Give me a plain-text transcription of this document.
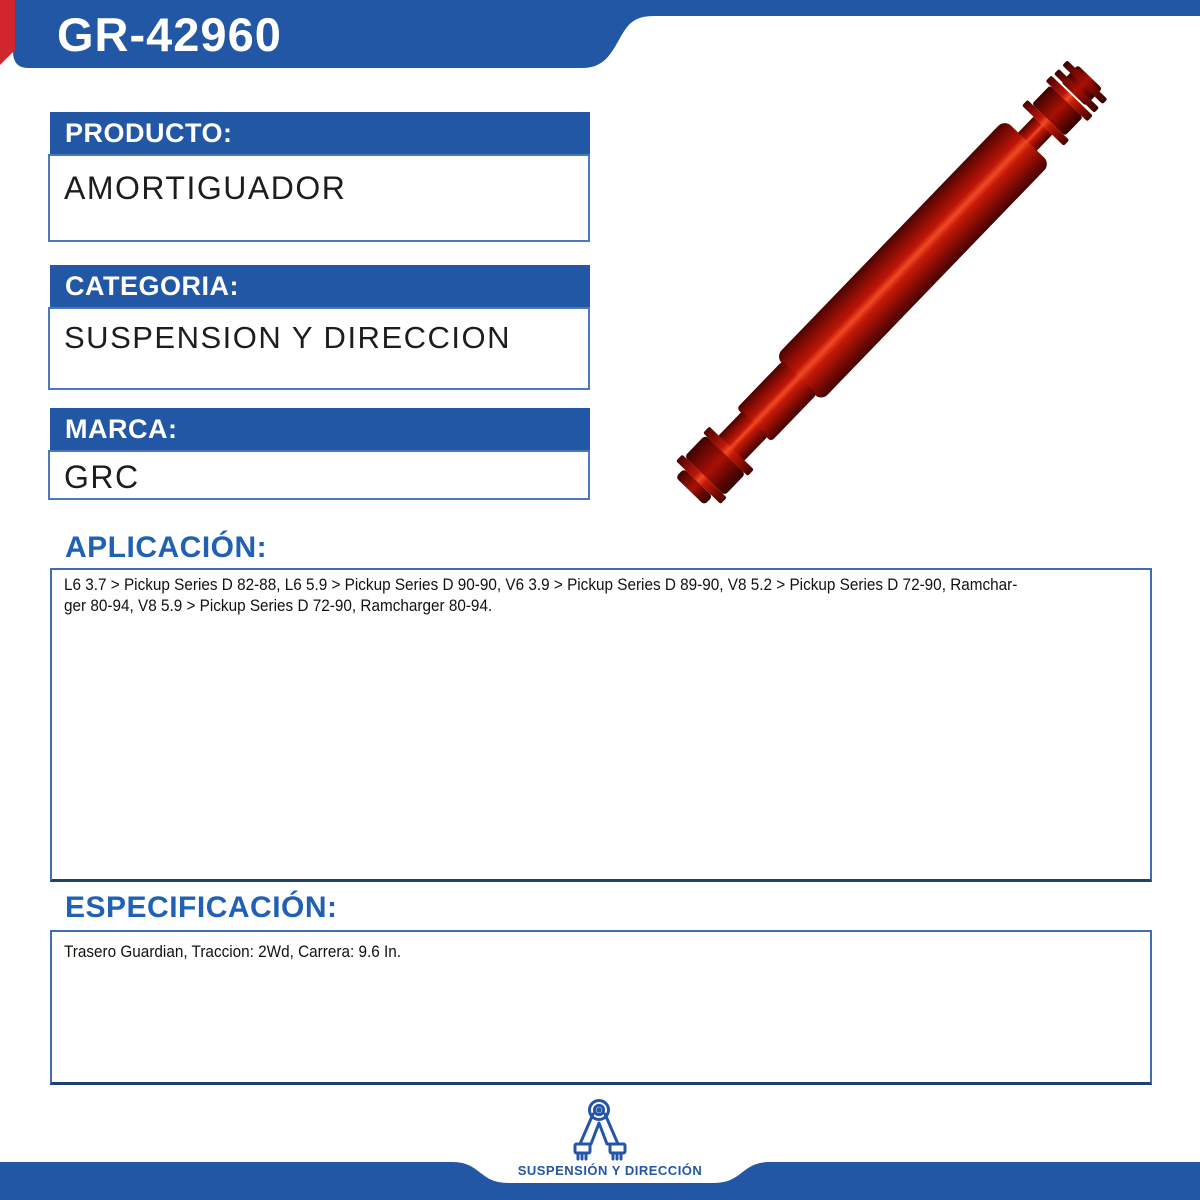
GR-42960
PRODUCTO:
AMORTIGUADOR
CATEGORIA:
SUSPENSION Y DIRECCION
MARCA:
GRC
APLICACIÓN:
L6 3.7 > Pickup Series D 82-88, L6 5.9 > Pickup Series D 90-90, V6 3.9 > Pickup Series D 89-90, V8 5.2 > Pickup Series D 72-90, Ramchar-
ger 80-94, V8 5.9 > Pickup Series D 72-90, Ramcharger 80-94.
ESPECIFICACIÓN:
Trasero Guardian, Traccion: 2Wd, Carrera: 9.6 In.
SUSPENSIÓN Y DIRECCIÓN
